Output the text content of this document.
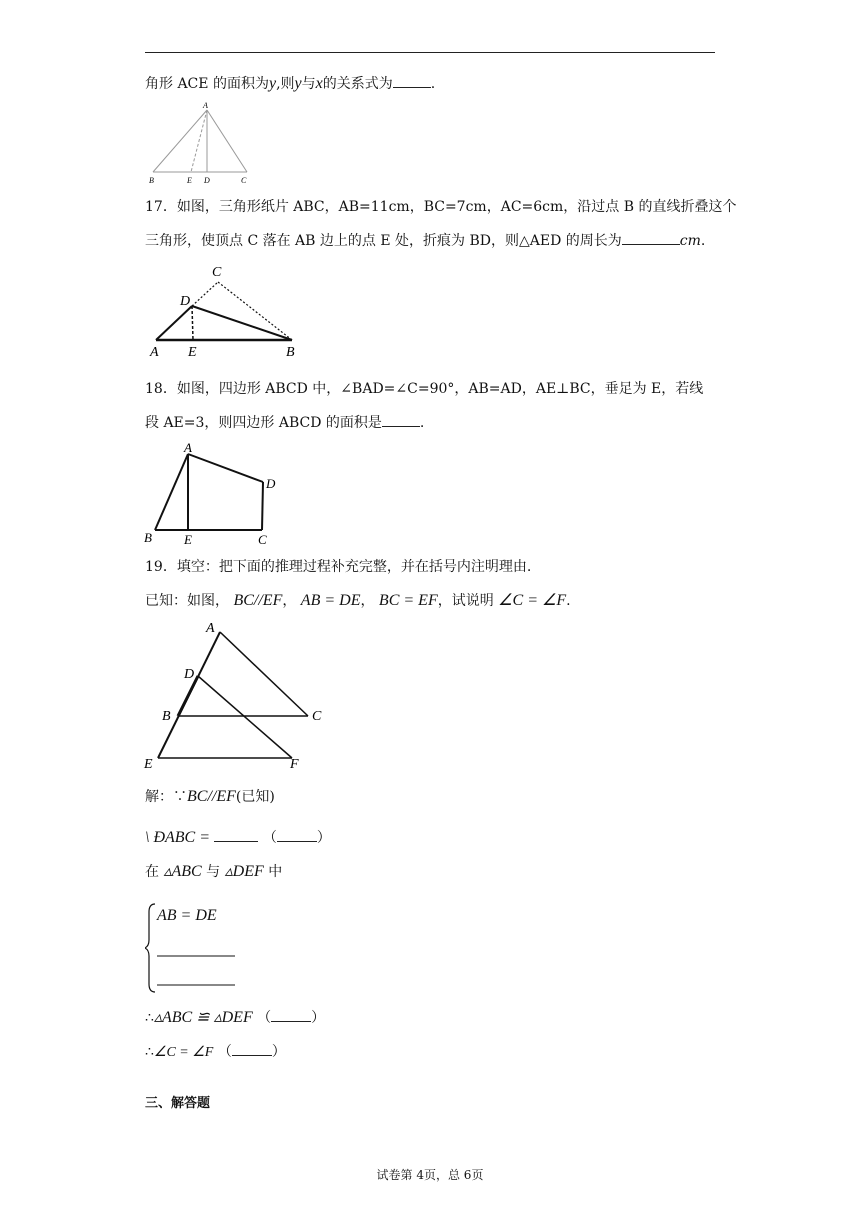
角形 ACE 的面积为y,则y与x的关系式为	.
A
B	E D	C
17．如图，三角形纸片 ABC，AB=11cm，BC=7cm，AC=6cm，沿过点 B 的直线折叠这个
三角形，使顶点 C 落在 AB 边上的点 E 处，折痕为 BD，则△AED 的周长为	cm.
C
D
A E	B
18．如图，四边形 ABCD 中，∠BAD=∠C=90°，AB=AD，AE⊥BC，垂足为 E，若线
段 AE=3，则四边形 ABCD 的面积是	.
A
D
B E	C
19．填空：把下面的推理过程补充完整，并在括号内注明理由.
已知：如图， BC//EF， AB = DE， BC = EF，试说明 ∠C = ∠F.
A
D
B	C
E	F
解：∵BC//EF(已知)
\ ÐABC =	（	）
在 ▵ABC 与 ▵DEF 中
AB = DE
∴▵ABC ≌ ▵DEF （	）
∴∠C = ∠F （	）
三、解答题
试卷第 4页，总 6页
